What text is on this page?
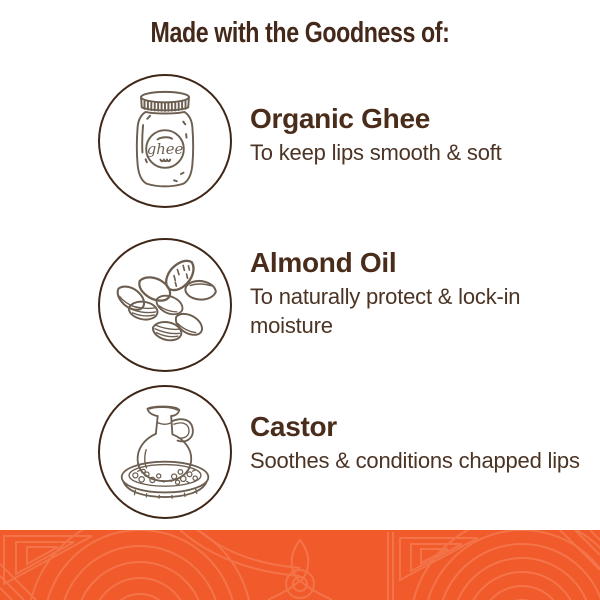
Made with the Goodness of:
ghee
Organic Ghee
To keep lips smooth & soft
Almond Oil
To naturally protect & lock-in moisture
Castor
Soothes & conditions chapped lips
